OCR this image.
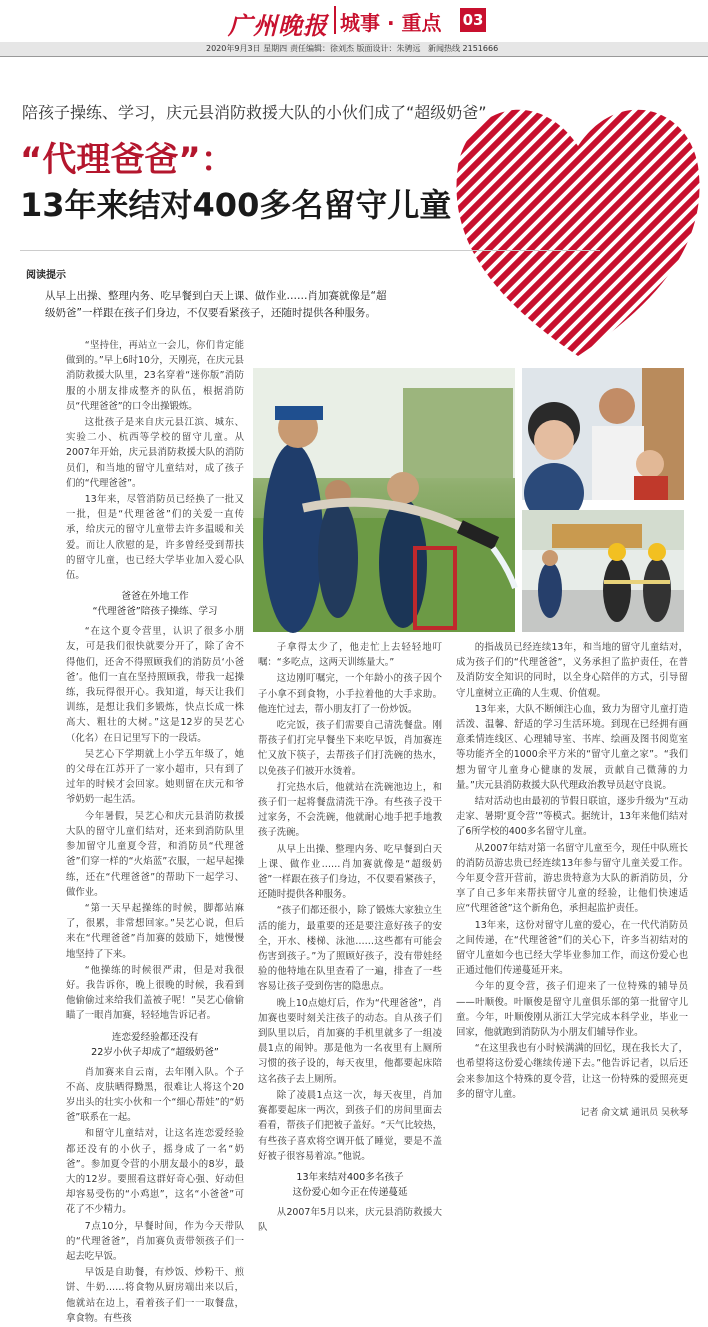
广州晚报 城事 · 重点 03
2020年9月3日 星期四 责任编辑：徐刘杰 版面设计：朱骋远 新闻热线 2151666
陪孩子操练、学习，庆元县消防救援大队的小伙们成了“超级奶爸”
“代理爸爸”：
13年来结对400多名留守儿童
阅读提示
从早上出操、整理内务、吃早餐到白天上课、做作业……肖加赛就像是“超级奶爸”一样跟在孩子们身边，不仅要看紧孩子，还随时提供各种服务。

“坚持住，再站立一会儿，你们肯定能做到的。”早上6时10分，天刚亮，在庆元县消防救援大队里，23名穿着“迷你版”消防服的小朋友排成整齐的队伍，根据消防员“代理爸爸”的口令出操锻炼。

这批孩子是来自庆元县江滨、城东、实验二小、杭西等学校的留守儿童。从2007年开始，庆元县消防救援大队的消防员们，和当地的留守儿童结对，成了孩子们的“代理爸爸”。

13年来，尽管消防员已经换了一批又一批，但是“代理爸爸”们的关爱一直传承，给庆元的留守儿童带去许多温暖和关爱。而让人欣慰的是，许多曾经受到帮扶的留守儿童，也已经大学毕业加入爱心队伍。

爸爸在外地工作
“代理爸爸”陪孩子操练、学习

“在这个夏令营里，认识了很多小朋友，可是我们很快就要分开了，除了舍不得他们，还舍不得照顾我们的消防员‘小爸爸’。他们一直在坚持照顾我，带我一起操练，我玩得很开心。我知道，每天让我们训练，是想让我们多锻炼，快点长成一株高大、粗壮的大树。”这是12岁的吴艺心（化名）在日记里写下的一段话。

吴艺心下学期就上小学五年级了，她的父母在江苏开了一家小超市，只有到了过年的时候才会回家。她则留在庆元和爷爷奶奶一起生活。

今年暑假，吴艺心和庆元县消防救援大队的留守儿童们结对，还来到消防队里参加留守儿童夏令营，和消防员“代理爸爸”们穿一样的“火焰蓝”衣服，一起早起操练，还在“代理爸爸”的帮助下一起学习、做作业。

“第一天早起操练的时候，脚都站麻了，很累，非常想回家。”吴艺心说，但后来在“代理爸爸”肖加赛的鼓励下，她慢慢地坚持了下来。

“他操练的时候很严肃，但是对我很好。我告诉你，晚上很晚的时候，我看到他偷偷过来给我们盖被子呢！”吴艺心偷偷瞄了一眼肖加赛，轻轻地告诉记者。

连恋爱经验都还没有
22岁小伙子却成了“超级奶爸”

肖加赛来自云南，去年刚入队。个子不高、皮肤晒得黝黑，很难让人将这个20岁出头的壮实小伙和一个“细心帮娃”的“奶爸”联系在一起。

和留守儿童结对，让这名连恋爱经验都还没有的小伙子，摇身成了一名“奶爸”。参加夏令营的小朋友最小的8岁，最大的12岁。要照看这群好奇心强、好动但却容易受伤的“小鸡崽”，这名“小爸爸”可花了不少精力。

7点10分，早餐时间，作为今天带队的“代理爸爸”，肖加赛负责带领孩子们一起去吃早饭。

早饭是自助餐，有炒饭、炒粉干、煎饼、牛奶……将食物从厨房端出来以后，他就站在边上，看着孩子们一一取餐盘，拿食物。有些孩

子拿得太少了，他走忙上去轻轻地叮嘱：“多吃点，这两天训练量大。”

这边刚叮嘱完，一个年龄小的孩子因个子小拿不到食物，小手拉着他的大手求助。他连忙过去，帮小朋友打了一份炒饭。

吃完饭，孩子们需要自己清洗餐盘。刚帮孩子们打完早餐坐下来吃早饭，肖加赛连忙又放下筷子，去帮孩子们打洗碗的热水，以免孩子们被开水烫着。

打完热水后，他就站在洗碗池边上，和孩子们一起将餐盘清洗干净。有些孩子没干过家务，不会洗碗，他就耐心地手把手地教孩子洗碗。

从早上出操、整理内务、吃早餐到白天上课、做作业……肖加赛就像是“超级奶爸”一样跟在孩子们身边，不仅要看紧孩子，还随时提供各种服务。

“孩子们都还很小，除了锻炼大家独立生活的能力，最重要的还是要注意好孩子的安全，开水、楼梯、泳池……这些都有可能会伤害到孩子。”为了照顾好孩子，没有带娃经验的他特地在队里查看了一遍，排查了一些容易让孩子受到伤害的隐患点。

晚上10点熄灯后，作为“代理爸爸”，肖加赛也要时刻关注孩子的动态。自从孩子们到队里以后，肖加赛的手机里就多了一组凌晨1点的闹钟。那是他为一名夜里有上厕所习惯的孩子设的，每天夜里，他都要起床陪这名孩子去上厕所。

除了凌晨1点这一次，每天夜里，肖加赛都要起床一两次，到孩子们的房间里面去看看，帮孩子们把被子盖好。“天气比较热，有些孩子喜欢将空调开低了睡觉，要是不盖好被子很容易着凉。”他说。

13年来结对400多名孩子
这份爱心如今正在传递蔓延

从2007年5月以来，庆元县消防救援大队

的指战员已经连续13年，和当地的留守儿童结对，成为孩子们的“代理爸爸”，义务承担了监护责任，在普及消防安全知识的同时，以全身心陪伴的方式，引导留守儿童树立正确的人生观、价值观。

13年来，大队不断倾注心血，致力为留守儿童打造活泼、温馨、舒适的学习生活环境。到现在已经拥有画意柔情连线区、心理辅导室、书库、绘画及图书阅览室等功能齐全的1000余平方米的“留守儿童之家”。“我们想为留守儿童身心健康的发展，贡献自己微薄的力量。”庆元县消防救援大队代理政治教导员赵守良说。

结对活动也由最初的节假日联谊，逐步升级为“互动走家、暑期‘夏令营’”等模式。据统计，13年来他们结对了6所学校的400多名留守儿童。

从2007年结对第一名留守儿童至今，现任中队班长的消防员游忠贵已经连续13年参与留守儿童关爱工作。今年夏令营开营前，游忠贵特意为大队的新消防员，分享了自己多年来帮扶留守儿童的经验，让他们快速适应“代理爸爸”这个新角色，承担起监护责任。

13年来，这份对留守儿童的爱心，在一代代消防员之间传递，在“代理爸爸”们的关心下，许多当初结对的留守儿童如今也已经大学毕业参加工作，而这份爱心也正通过他们传递蔓延开来。

今年的夏令营，孩子们迎来了一位特殊的辅导员——叶顺俊。叶顺俊是留守儿童俱乐部的第一批留守儿童。今年，叶顺俊刚从浙江大学完成本科学业，毕业一回家，他就跑到消防队为小朋友们辅导作业。

“在这里我也有小时候满满的回忆，现在我长大了，也希望将这份爱心继续传递下去。”他告诉记者，以后还会来参加这个特殊的夏令营，让这一份特殊的爱照亮更多的留守儿童。

记者 俞文斌 通讯员 吴秋琴
